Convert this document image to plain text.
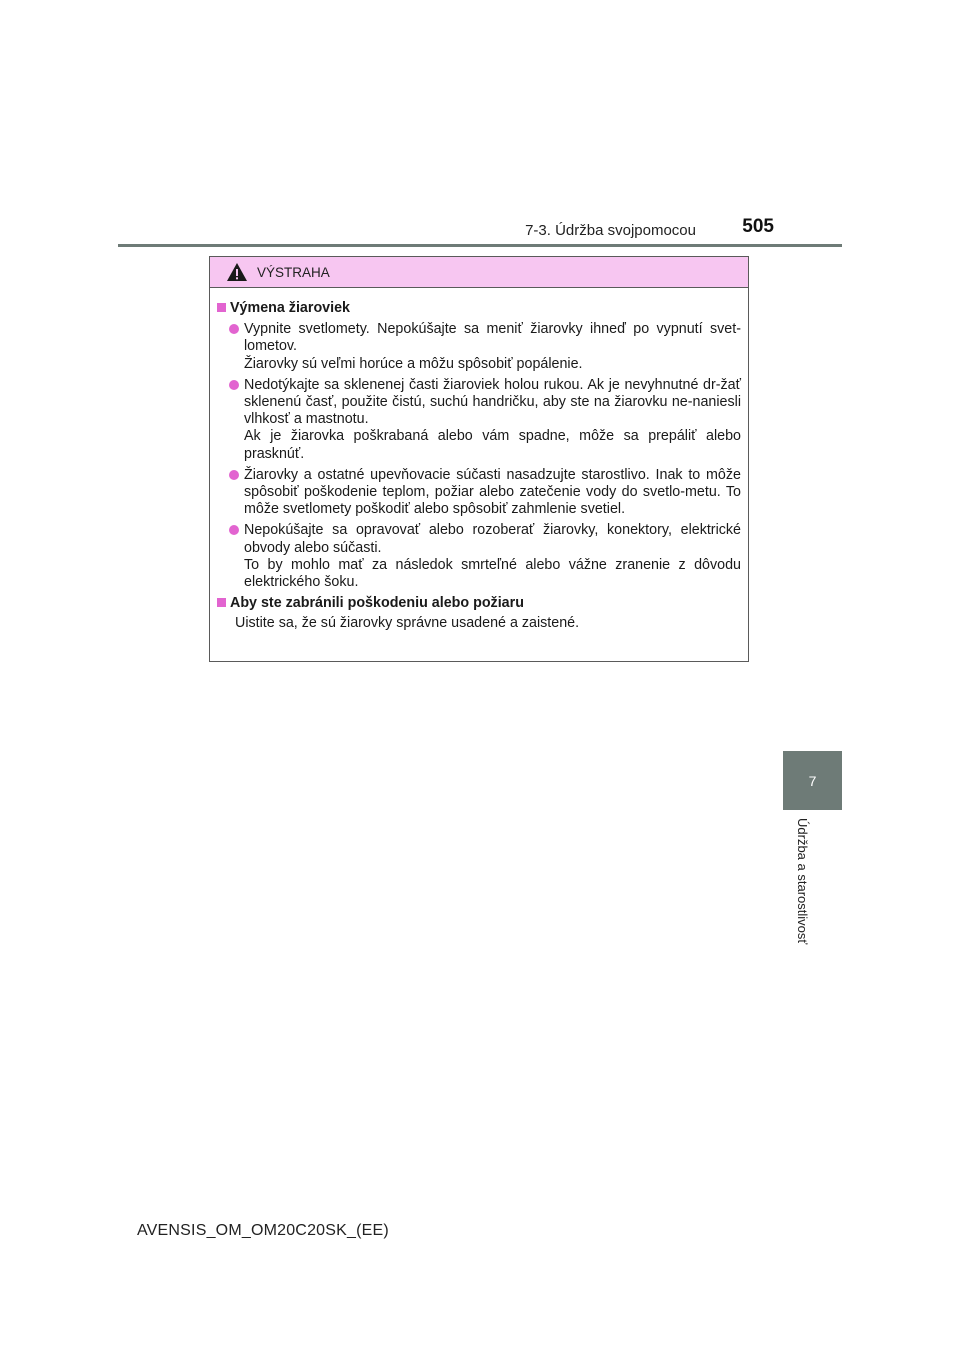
7-3. Údržba svojpomocou	505
7
Údržba a starostlivosť
VÝSTRAHA
Výmena žiaroviek
Vypnite svetlomety. Nepokúšajte sa meniť žiarovky ihneď po vypnutí svet-lometov.
Žiarovky sú veľmi horúce a môžu spôsobiť popálenie.
Nedotýkajte sa sklenenej časti žiaroviek holou rukou. Ak je nevyhnutné dr-žať sklenenú časť, použite čistú, suchú handričku, aby ste na žiarovku ne-naniesli vlhkosť a mastnotu.
Ak je žiarovka poškrabaná alebo vám spadne, môže sa prepáliť alebo prasknúť.
Žiarovky a ostatné upevňovacie súčasti nasadzujte starostlivo. Inak to môže spôsobiť poškodenie teplom, požiar alebo zatečenie vody do svetlo-metu. To môže svetlomety poškodiť alebo spôsobiť zahmlenie svetiel.
Nepokúšajte sa opravovať alebo rozoberať žiarovky, konektory, elektrické obvody alebo súčasti.
To by mohlo mať za následok smrteľné alebo vážne zranenie z dôvodu elektrického šoku.
Aby ste zabránili poškodeniu alebo požiaru
Uistite sa, že sú žiarovky správne usadené a zaistené.
AVENSIS_OM_OM20C20SK_(EE)
